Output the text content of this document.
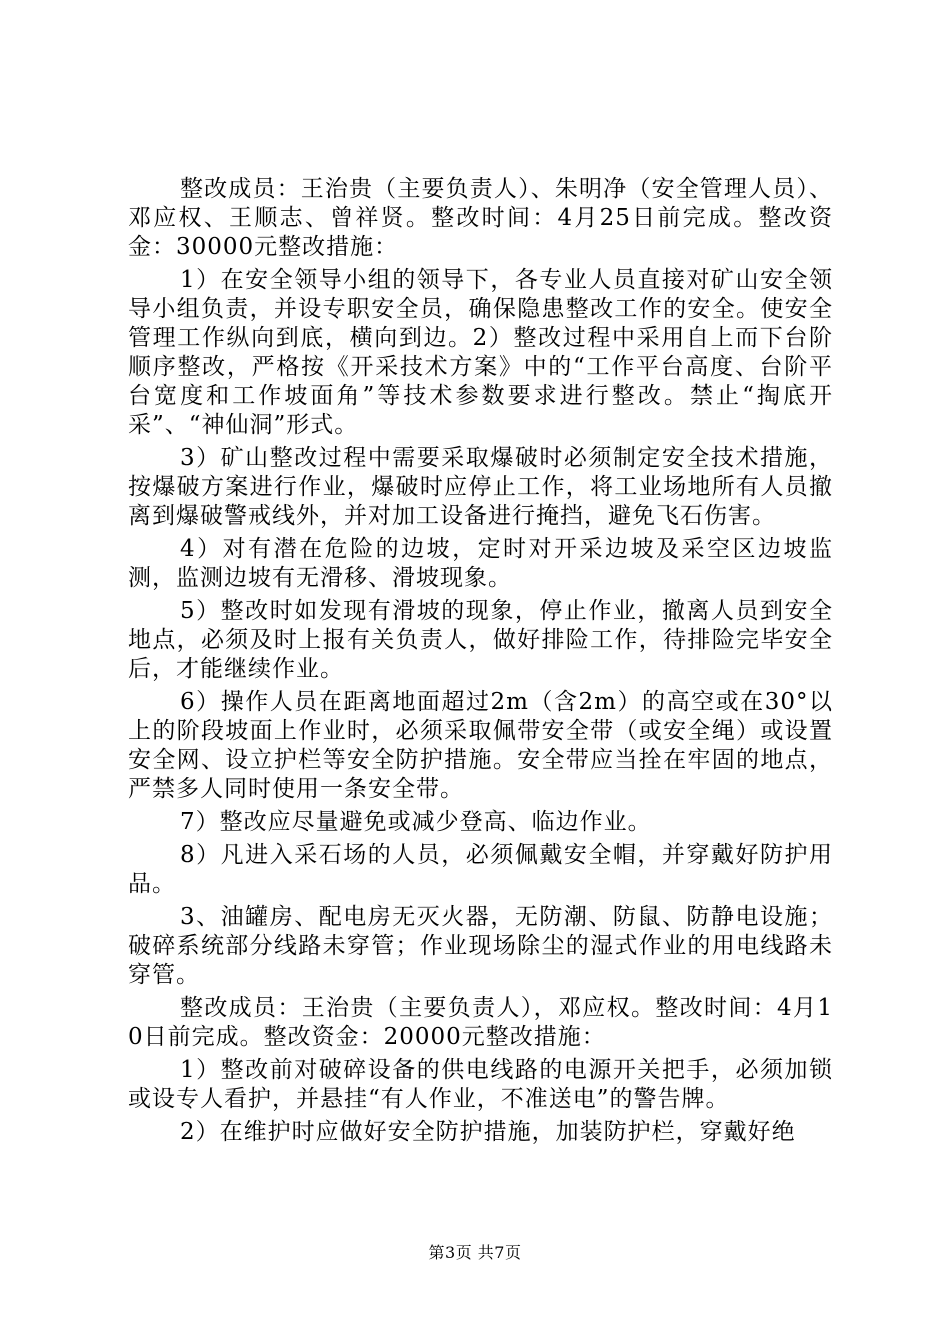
整改成员：王治贵（主要负责人）、朱明净（安全管理人员）、邓应权、王顺志、曾祥贤。整改时间：4月25日前完成。整改资金：30000元整改措施：

1）在安全领导小组的领导下，各专业人员直接对矿山安全领导小组负责，并设专职安全员，确保隐患整改工作的安全。使安全管理工作纵向到底，横向到边。2）整改过程中采用自上而下台阶顺序整改，严格按《开采技术方案》中的“工作平台高度、台阶平台宽度和工作坡面角”等技术参数要求进行整改。禁止“掏底开采”、“神仙洞”形式。

3）矿山整改过程中需要采取爆破时必须制定安全技术措施，按爆破方案进行作业，爆破时应停止工作，将工业场地所有人员撤离到爆破警戒线外，并对加工设备进行掩挡，避免飞石伤害。

4）对有潜在危险的边坡，定时对开采边坡及采空区边坡监测，监测边坡有无滑移、滑坡现象。

5）整改时如发现有滑坡的现象，停止作业，撤离人员到安全地点，必须及时上报有关负责人，做好排险工作，待排险完毕安全后，才能继续作业。

6）操作人员在距离地面超过2m（含2m）的高空或在30°以上的阶段坡面上作业时，必须采取佩带安全带（或安全绳）或设置安全网、设立护栏等安全防护措施。安全带应当拴在牢固的地点，严禁多人同时使用一条安全带。

7）整改应尽量避免或减少登高、临边作业。

8）凡进入采石场的人员，必须佩戴安全帽，并穿戴好防护用品。

3、油罐房、配电房无灭火器，无防潮、防鼠、防静电设施；破碎系统部分线路未穿管；作业现场除尘的湿式作业的用电线路未穿管。

整改成员：王治贵（主要负责人），邓应权。整改时间：4月10日前完成。整改资金：20000元整改措施：

1）整改前对破碎设备的供电线路的电源开关把手，必须加锁或设专人看护，并悬挂“有人作业，不准送电”的警告牌。

2）在维护时应做好安全防护措施，加装防护栏，穿戴好绝

第3页 共7页
